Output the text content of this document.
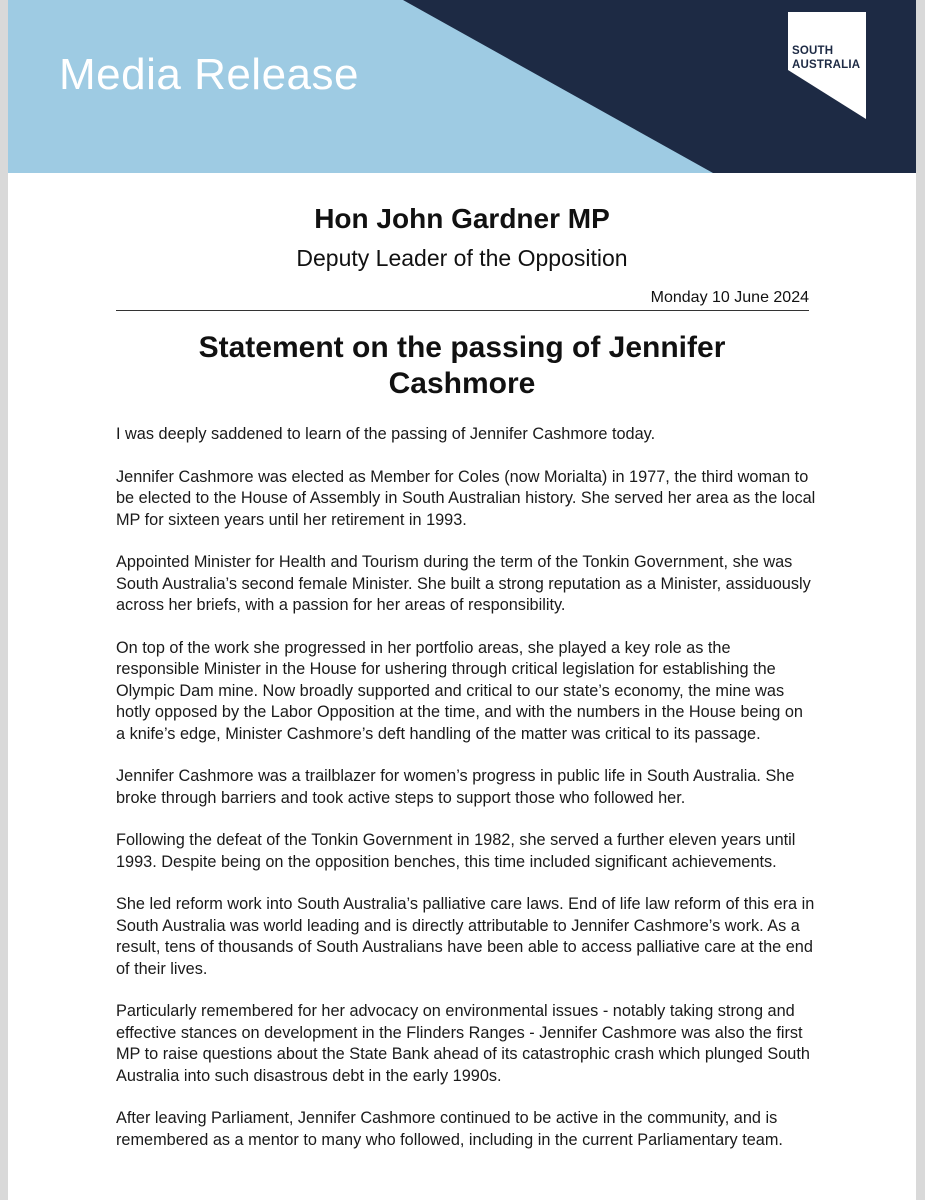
Media Release	SOUTH
AUSTRALIA
Hon John Gardner MP
Deputy Leader of the Opposition
Monday 10 June 2024
Statement on the passing of Jennifer Cashmore

I was deeply saddened to learn of the passing of Jennifer Cashmore today.

Jennifer Cashmore was elected as Member for Coles (now Morialta) in 1977, the third woman to be elected to the House of Assembly in South Australian history. She served her area as the local MP for sixteen years until her retirement in 1993.

Appointed Minister for Health and Tourism during the term of the Tonkin Government, she was South Australia’s second female Minister. She built a strong reputation as a Minister, assiduously across her briefs, with a passion for her areas of responsibility.

On top of the work she progressed in her portfolio areas, she played a key role as the responsible Minister in the House for ushering through critical legislation for establishing the Olympic Dam mine. Now broadly supported and critical to our state’s economy, the mine was hotly opposed by the Labor Opposition at the time, and with the numbers in the House being on a knife’s edge, Minister Cashmore’s deft handling of the matter was critical to its passage.

Jennifer Cashmore was a trailblazer for women’s progress in public life in South Australia. She broke through barriers and took active steps to support those who followed her.

Following the defeat of the Tonkin Government in 1982, she served a further eleven years until 1993. Despite being on the opposition benches, this time included significant achievements.

She led reform work into South Australia’s palliative care laws. End of life law reform of this era in South Australia was world leading and is directly attributable to Jennifer Cashmore’s work. As a result, tens of thousands of South Australians have been able to access palliative care at the end of their lives.

Particularly remembered for her advocacy on environmental issues - notably taking strong and effective stances on development in the Flinders Ranges - Jennifer Cashmore was also the first MP to raise questions about the State Bank ahead of its catastrophic crash which plunged South Australia into such disastrous debt in the early 1990s.

After leaving Parliament, Jennifer Cashmore continued to be active in the community, and is remembered as a mentor to many who followed, including in the current Parliamentary team.
